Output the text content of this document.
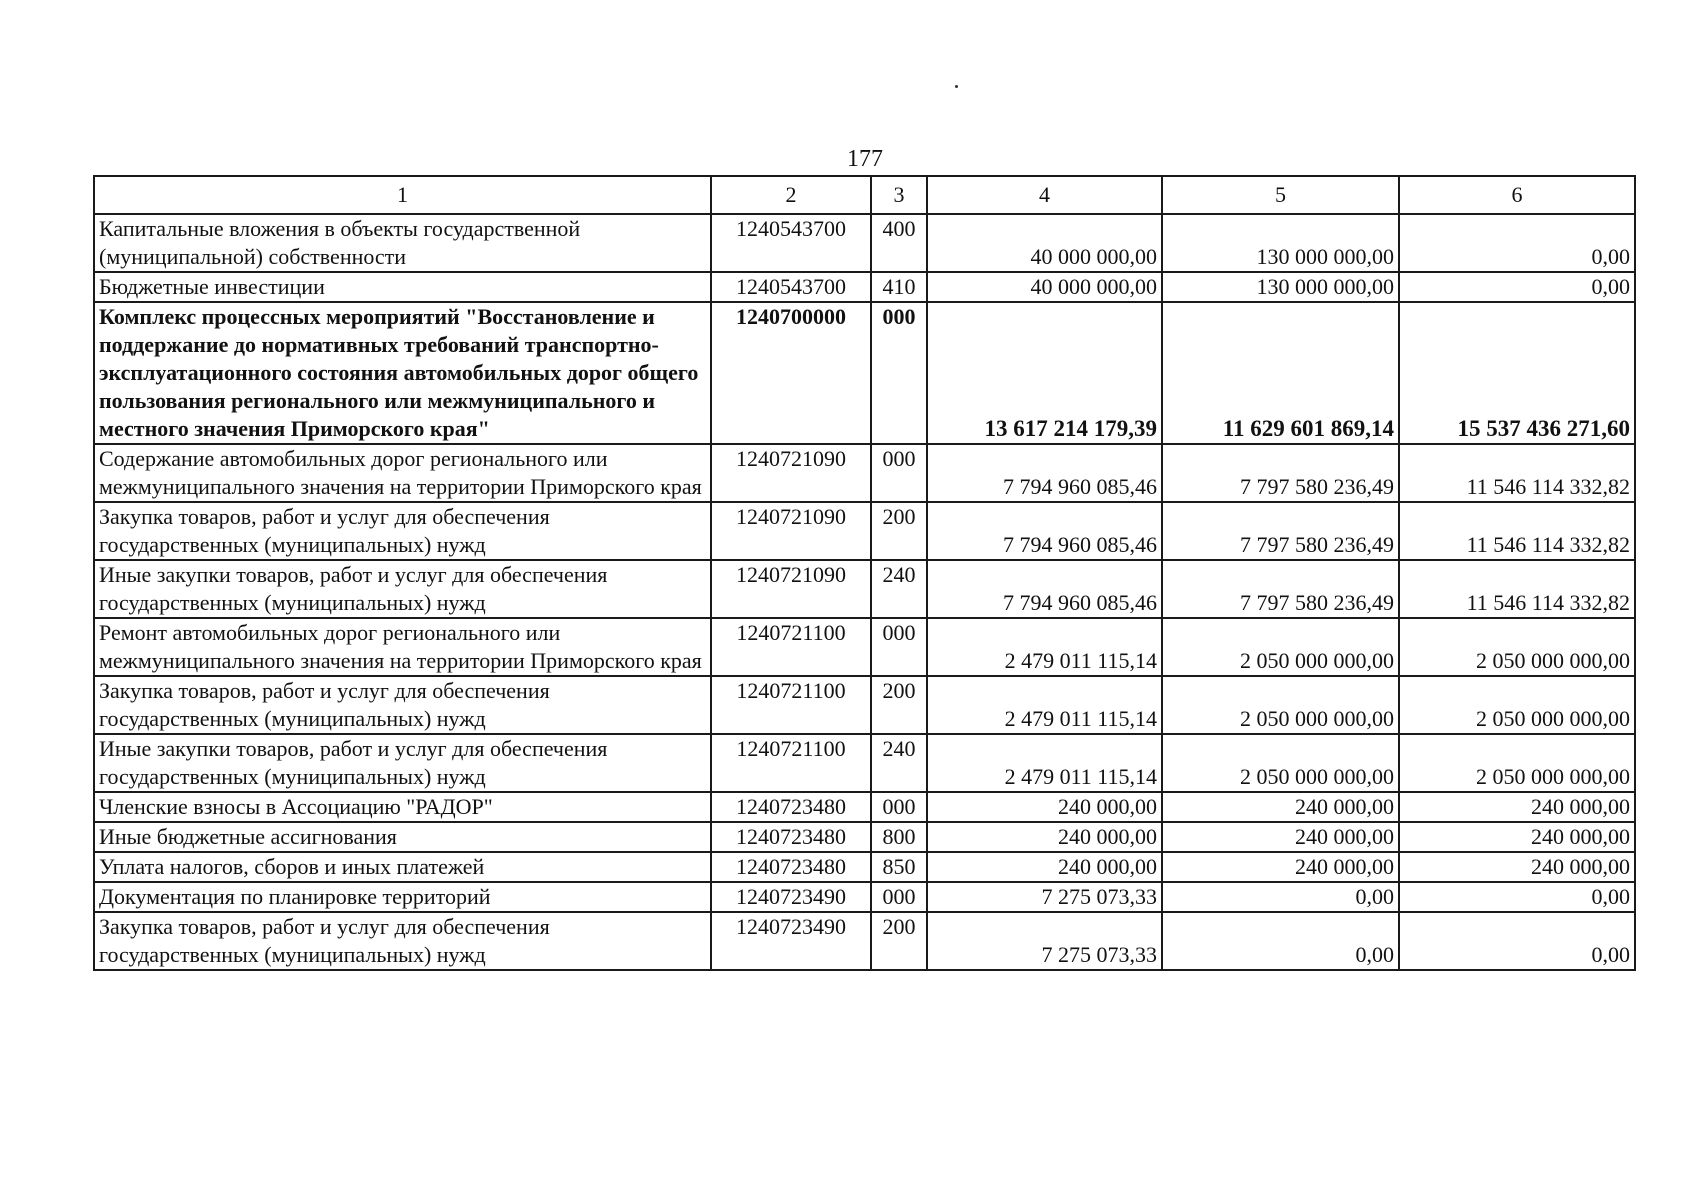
177
1	2	3	4	5	6
Капитальные вложения в объекты государственной (муниципальной) собственности	1240543700	400	40 000 000,00	130 000 000,00	0,00
Бюджетные инвестиции	1240543700	410	40 000 000,00	130 000 000,00	0,00
Комплекс процессных мероприятий "Восстановление и поддержание до нормативных требований транспортно-эксплуатационного состояния автомобильных дорог общего пользования регионального или межмуниципального и местного значения Приморского края"	1240700000	000	13 617 214 179,39	11 629 601 869,14	15 537 436 271,60
Содержание автомобильных дорог регионального или межмуниципального значения на территории Приморского края	1240721090	000	7 794 960 085,46	7 797 580 236,49	11 546 114 332,82
Закупка товаров, работ и услуг для обеспечения государственных (муниципальных) нужд	1240721090	200	7 794 960 085,46	7 797 580 236,49	11 546 114 332,82
Иные закупки товаров, работ и услуг для обеспечения государственных (муниципальных) нужд	1240721090	240	7 794 960 085,46	7 797 580 236,49	11 546 114 332,82
Ремонт автомобильных дорог регионального или межмуниципального значения на территории Приморского края	1240721100	000	2 479 011 115,14	2 050 000 000,00	2 050 000 000,00
Закупка товаров, работ и услуг для обеспечения государственных (муниципальных) нужд	1240721100	200	2 479 011 115,14	2 050 000 000,00	2 050 000 000,00
Иные закупки товаров, работ и услуг для обеспечения государственных (муниципальных) нужд	1240721100	240	2 479 011 115,14	2 050 000 000,00	2 050 000 000,00
Членские взносы в Ассоциацию "РАДОР"	1240723480	000	240 000,00	240 000,00	240 000,00
Иные бюджетные ассигнования	1240723480	800	240 000,00	240 000,00	240 000,00
Уплата налогов, сборов и иных платежей	1240723480	850	240 000,00	240 000,00	240 000,00
Документация по планировке территорий	1240723490	000	7 275 073,33	0,00	0,00
Закупка товаров, работ и услуг для обеспечения государственных (муниципальных) нужд	1240723490	200	7 275 073,33	0,00	0,00
